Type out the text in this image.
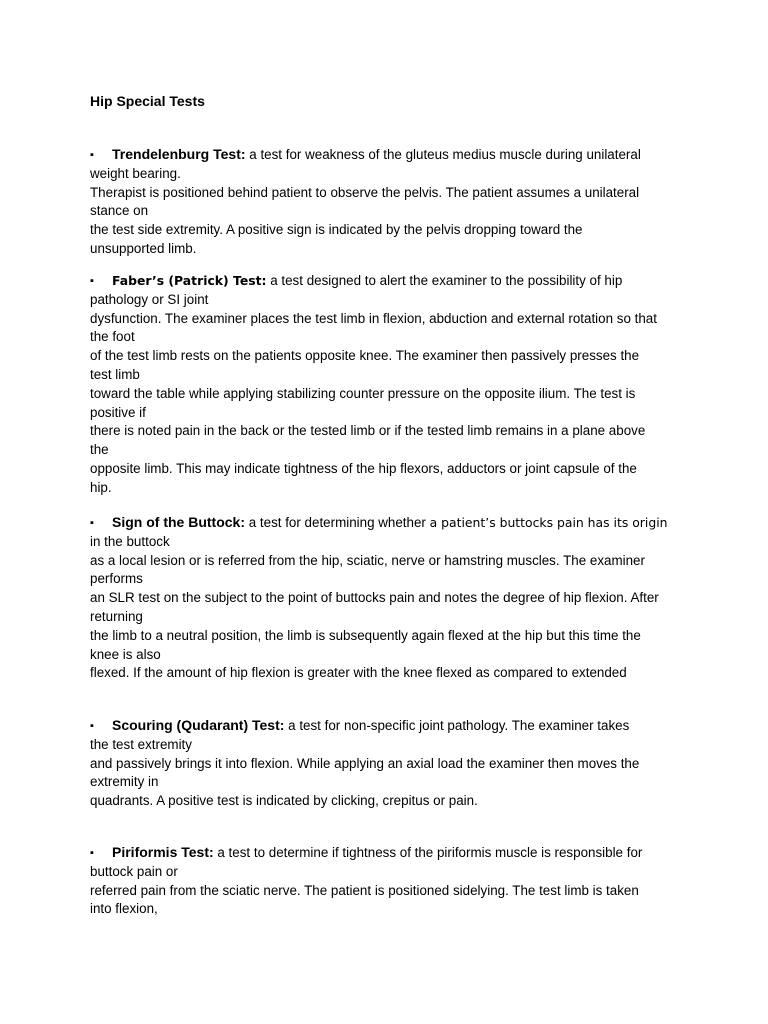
Hip Special Tests
▪ Trendelenburg Test: a test for weakness of the gluteus medius muscle during unilateral
weight bearing.
Therapist is positioned behind patient to observe the pelvis. The patient assumes a unilateral
stance on
the test side extremity. A positive sign is indicated by the pelvis dropping toward the
unsupported limb.
▪ Faber’s (Patrick) Test: a test designed to alert the examiner to the possibility of hip
pathology or SI joint
dysfunction. The examiner places the test limb in flexion, abduction and external rotation so that
the foot
of the test limb rests on the patients opposite knee. The examiner then passively presses the
test limb
toward the table while applying stabilizing counter pressure on the opposite ilium. The test is
positive if
there is noted pain in the back or the tested limb or if the tested limb remains in a plane above
the
opposite limb. This may indicate tightness of the hip flexors, adductors or joint capsule of the
hip.
▪ Sign of the Buttock: a test for determining whether a patient’s buttocks pain has its origin
in the buttock
as a local lesion or is referred from the hip, sciatic, nerve or hamstring muscles. The examiner
performs
an SLR test on the subject to the point of buttocks pain and notes the degree of hip flexion. After
returning
the limb to a neutral position, the limb is subsequently again flexed at the hip but this time the
knee is also
flexed. If the amount of hip flexion is greater with the knee flexed as compared to extended
▪ Scouring (Qudarant) Test: a test for non-specific joint pathology. The examiner takes
the test extremity
and passively brings it into flexion. While applying an axial load the examiner then moves the
extremity in
quadrants. A positive test is indicated by clicking, crepitus or pain.
▪ Piriformis Test: a test to determine if tightness of the piriformis muscle is responsible for
buttock pain or
referred pain from the sciatic nerve. The patient is positioned sidelying. The test limb is taken
into flexion,
